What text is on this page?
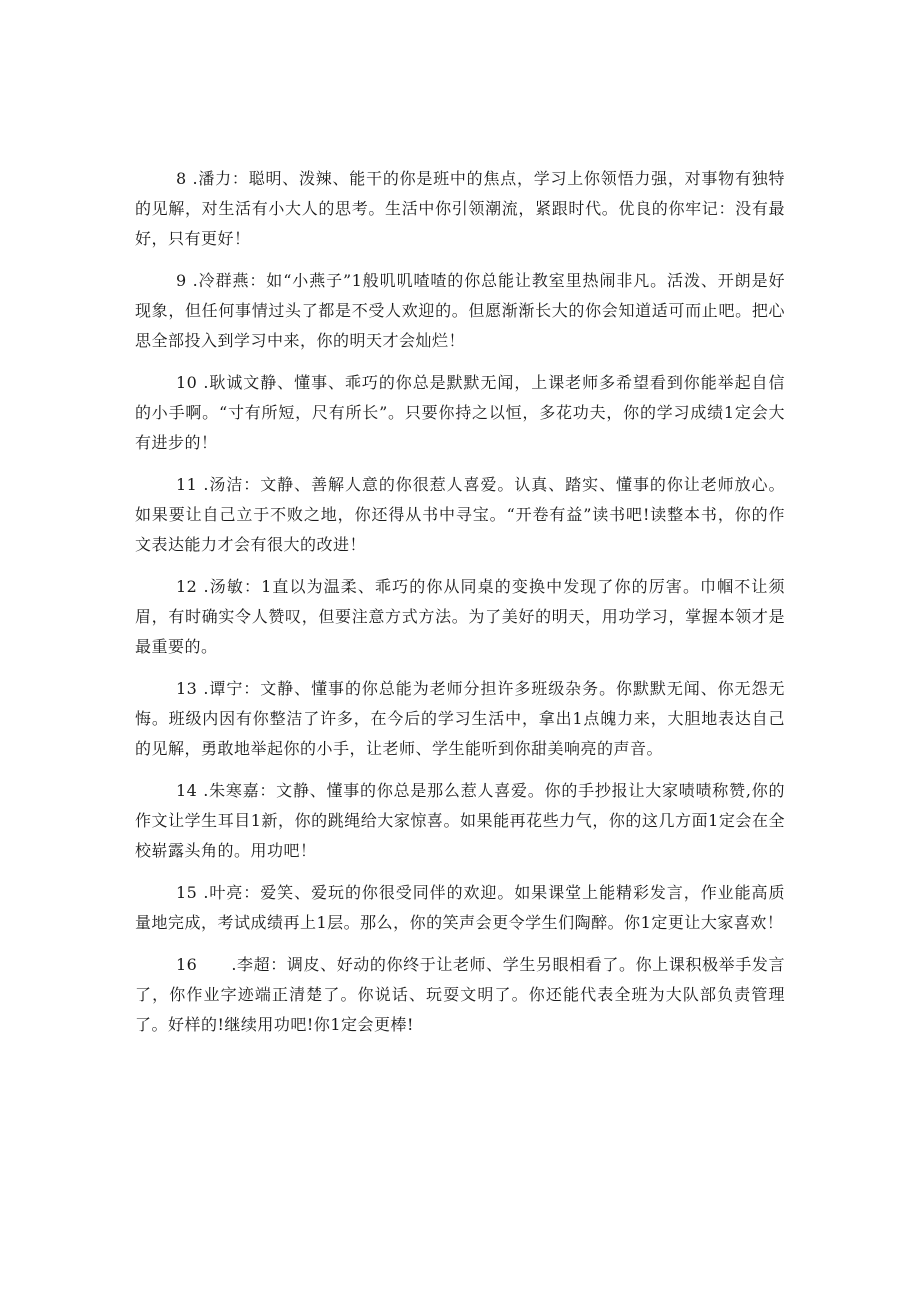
8 .潘力：聪明、泼辣、能干的你是班中的焦点，学习上你领悟力强，对事物有独特的见解，对生活有小大人的思考。生活中你引领潮流，紧跟时代。优良的你牢记：没有最好，只有更好！

9 .冷群燕：如“小燕子”1般叽叽喳喳的你总能让教室里热闹非凡。活泼、开朗是好现象，但任何事情过头了都是不受人欢迎的。但愿渐渐长大的你会知道适可而止吧。把心思全部投入到学习中来，你的明天才会灿烂！

10 .耿诚文静、懂事、乖巧的你总是默默无闻，上课老师多希望看到你能举起自信的小手啊。“寸有所短，尺有所长”。只要你持之以恒，多花功夫，你的学习成绩1定会大有进步的！

11 .汤洁：文静、善解人意的你很惹人喜爱。认真、踏实、懂事的你让老师放心。如果要让自己立于不败之地，你还得从书中寻宝。“开卷有益”读书吧!读整本书，你的作文表达能力才会有很大的改进！

12 .汤敏：1直以为温柔、乖巧的你从同桌的变换中发现了你的厉害。巾帼不让须眉，有时确实令人赞叹，但要注意方式方法。为了美好的明天，用功学习，掌握本领才是最重要的。

13 .谭宁：文静、懂事的你总能为老师分担许多班级杂务。你默默无闻、你无怨无悔。班级内因有你整洁了许多，在今后的学习生活中，拿出1点魄力来，大胆地表达自己的见解，勇敢地举起你的小手，让老师、学生能听到你甜美响亮的声音。

14 .朱寒嘉：文静、懂事的你总是那么惹人喜爱。你的手抄报让大家啧啧称赞,你的作文让学生耳目1新，你的跳绳给大家惊喜。如果能再花些力气，你的这几方面1定会在全校崭露头角的。用功吧！

15 .叶亮：爱笑、爱玩的你很受同伴的欢迎。如果课堂上能精彩发言，作业能高质量地完成，考试成绩再上1层。那么，你的笑声会更令学生们陶醉。你1定更让大家喜欢！

16 .李超：调皮、好动的你终于让老师、学生另眼相看了。你上课积极举手发言了，你作业字迹端正清楚了。你说话、玩耍文明了。你还能代表全班为大队部负责管理了。好样的!继续用功吧!你1定会更棒!
